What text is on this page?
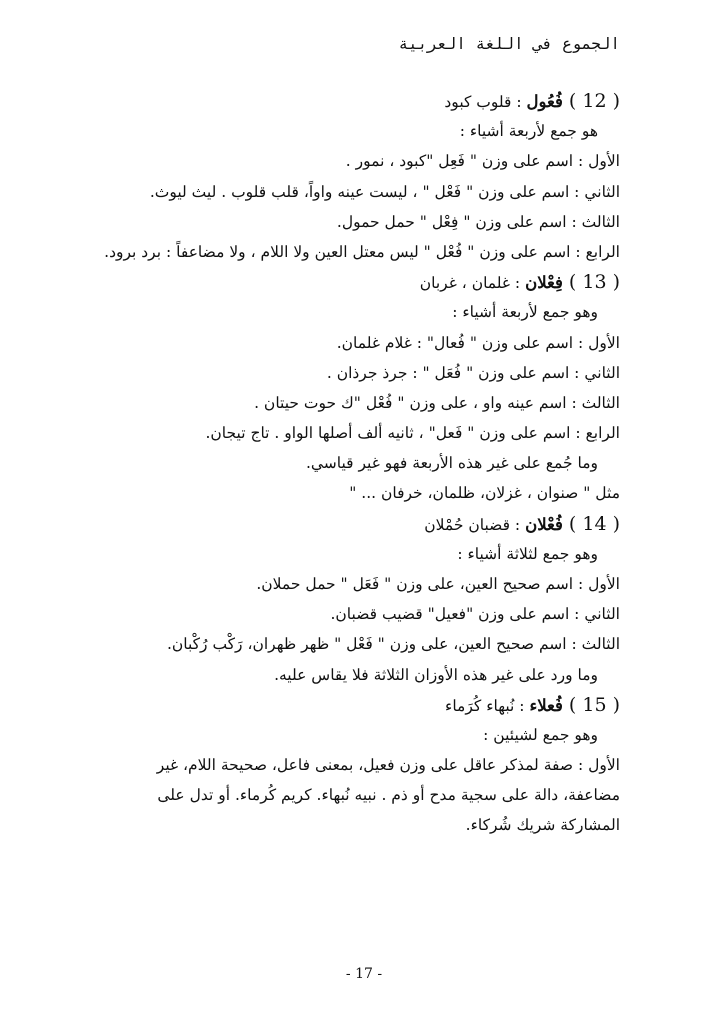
الجموع في اللغة العربية
( 12 )فُعُول : قلوب كبود
هو جمع لأربعة أشياء :
الأول : اسم على وزن " فَعِل "كبود ، نمور .
الثاني : اسم على وزن " فَعْل " ، ليست عينه واواً، قلب قلوب . ليث ليوث.
الثالث : اسم على وزن " فِعْل " حمل حمول.
الرابع : اسم على وزن " فُعْل " ليس معتل العين ولا اللام ، ولا مضاعفاً : برد برود.
( 13 )فِعْلان : غلمان ، غربان
وهو جمع لأربعة أشياء :
الأول : اسم على وزن " فُعال" : غلام غلمان.
الثاني : اسم على وزن " فُعَل " : جرذ جرذان .
الثالث : اسم عينه واو ، على وزن " فُعْل "ك حوت حيتان .
الرابع : اسم على وزن " فَعل" ، ثانيه ألف أصلها الواو . تاج تيجان.
وما جُمع على غير هذه الأربعة فهو غير قياسي.
مثل " صنوان ، غزلان، ظلمان، خرفان ... "
( 14 )فُعْلان : قضبان حُمْلان
وهو جمع لثلاثة أشياء :
الأول : اسم صحيح العين، على وزن " فَعَل " حمل حملان.
الثاني : اسم على وزن "فعيل" قضيب قضبان.
الثالث : اسم صحيح العين، على وزن " فَعْل " ظهر ظهران، رَكْب رُكْبان.
وما ورد على غير هذه الأوزان الثلاثة فلا يقاس عليه.
( 15 )فُعلاء : نُبهاء كُرَماء
وهو جمع لشيئين :
الأول : صفة لمذكر عاقل على وزن فعيل، بمعنى فاعل، صحيحة اللام، غير مضاعفة، دالة على سجية مدح أو ذم . نبيه نُبهاء. كريم كُرماء. أو تدل على المشاركة شريك شُركاء.
- 17 -
